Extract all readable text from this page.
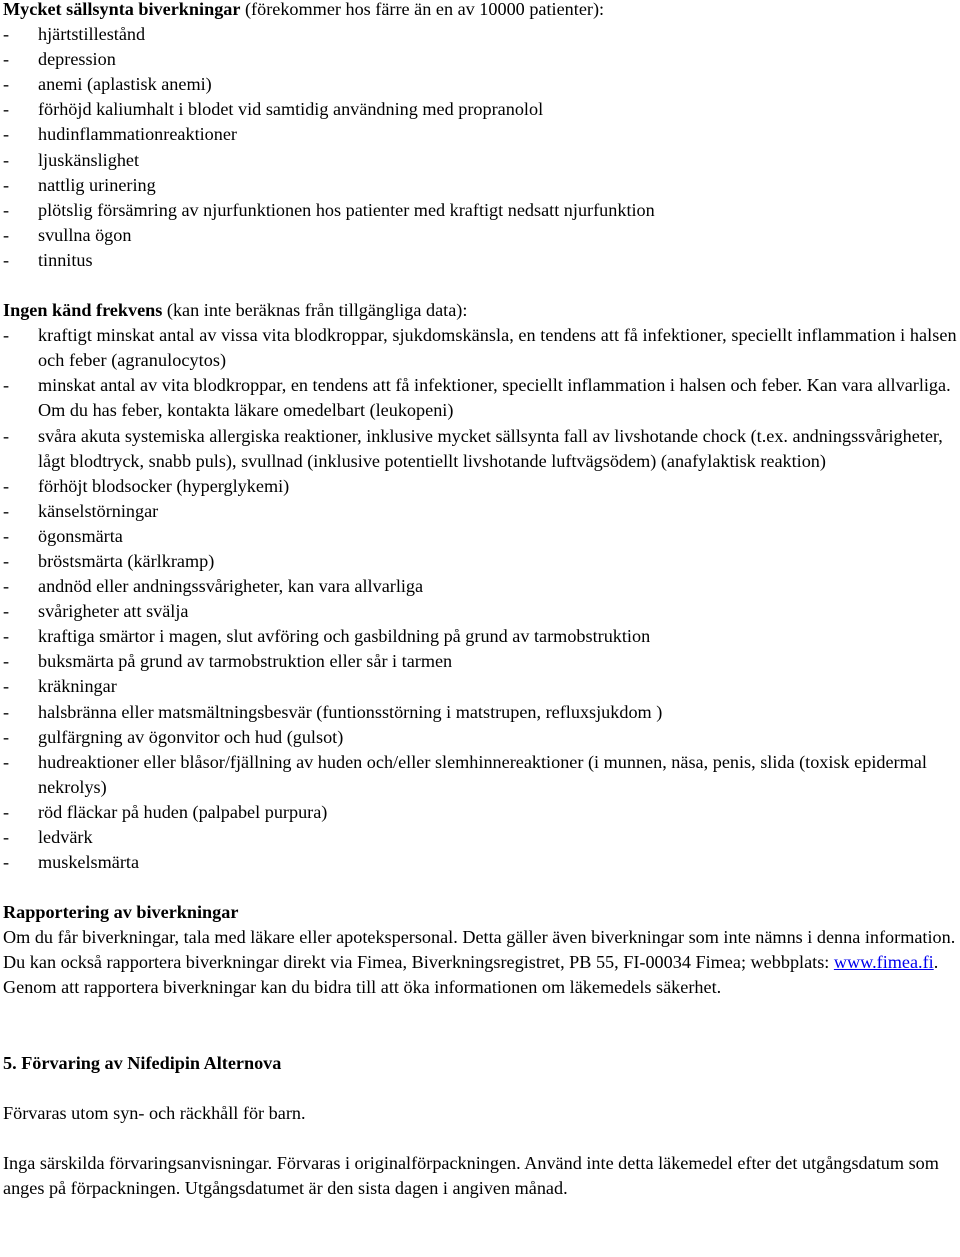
Mycket sällsynta biverkningar (förekommer hos färre än en av 10000 patienter):

- hjärtstillestånd
- depression
- anemi (aplastisk anemi)
- förhöjd kaliumhalt i blodet vid samtidig användning med propranolol
- hudinflammationreaktioner
- ljuskänslighet
- nattlig urinering
- plötslig försämring av njurfunktionen hos patienter med kraftigt nedsatt njurfunktion
- svullna ögon
- tinnitus

Ingen känd frekvens (kan inte beräknas från tillgängliga data):

- kraftigt minskat antal av vissa vita blodkroppar, sjukdomskänsla, en tendens att få infektioner, speciellt inflammation i halsen och feber (agranulocytos)
- minskat antal av vita blodkroppar, en tendens att få infektioner, speciellt inflammation i halsen och feber. Kan vara allvarliga. Om du has feber, kontakta läkare omedelbart (leukopeni)
- svåra akuta systemiska allergiska reaktioner, inklusive mycket sällsynta fall av livshotande chock (t.ex. andningssvårigheter, lågt blodtryck, snabb puls), svullnad (inklusive potentiellt livshotande luftvägsödem) (anafylaktisk reaktion)
- förhöjt blodsocker (hyperglykemi)
- känselstörningar
- ögonsmärta
- bröstsmärta (kärlkramp)
- andnöd eller andningssvårigheter, kan vara allvarliga
- svårigheter att svälja
- kraftiga smärtor i magen, slut avföring och gasbildning på grund av tarmobstruktion
- buksmärta på grund av tarmobstruktion eller sår i tarmen
- kräkningar
- halsbränna eller matsmältningsbesvär (funtionsstörning i matstrupen, refluxsjukdom )
- gulfärgning av ögonvitor och hud (gulsot)
- hudreaktioner eller blåsor/fjällning av huden och/eller slemhinnereaktioner (i munnen, näsa, penis, slida (toxisk epidermal nekrolys)
- röd fläckar på huden (palpabel purpura)
- ledvärk
- muskelsmärta
Rapportering av biverkningar

Om du får biverkningar, tala med läkare eller apotekspersonal. Detta gäller även biverkningar som inte nämns i denna information. Du kan också rapportera biverkningar direkt via Fimea, Biverkningsregistret, PB 55, FI-00034 Fimea; webbplats: www.fimea.fi. Genom att rapportera biverkningar kan du bidra till att öka informationen om läkemedels säkerhet.

5. Förvaring av Nifedipin Alternova

Förvaras utom syn- och räckhåll för barn.

Inga särskilda förvaringsanvisningar. Förvaras i originalförpackningen. Använd inte detta läkemedel efter det utgångsdatum som anges på förpackningen. Utgångsdatumet är den sista dagen i angiven månad.
